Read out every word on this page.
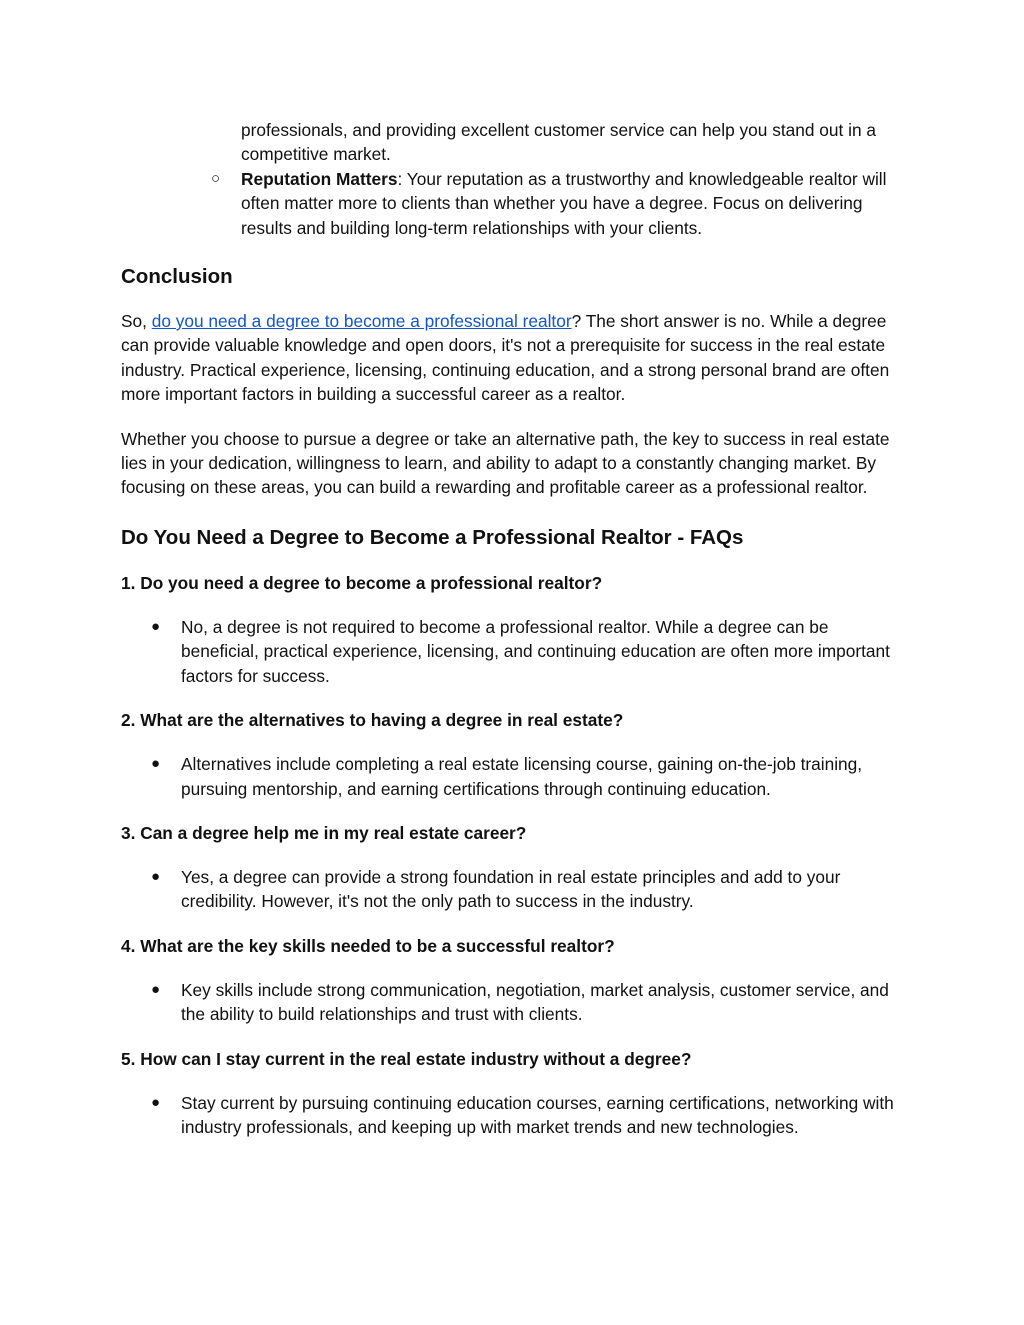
professionals, and providing excellent customer service can help you stand out in a competitive market.

○ Reputation Matters: Your reputation as a trustworthy and knowledgeable realtor will often matter more to clients than whether you have a degree. Focus on delivering results and building long-term relationships with your clients.

Conclusion

So, do you need a degree to become a professional realtor? The short answer is no. While a degree can provide valuable knowledge and open doors, it's not a prerequisite for success in the real estate industry. Practical experience, licensing, continuing education, and a strong personal brand are often more important factors in building a successful career as a realtor.

Whether you choose to pursue a degree or take an alternative path, the key to success in real estate lies in your dedication, willingness to learn, and ability to adapt to a constantly changing market. By focusing on these areas, you can build a rewarding and profitable career as a professional realtor.

Do You Need a Degree to Become a Professional Realtor - FAQs
1. Do you need a degree to become a professional realtor?

● No, a degree is not required to become a professional realtor. While a degree can be beneficial, practical experience, licensing, and continuing education are often more important factors for success.

2. What are the alternatives to having a degree in real estate?

● Alternatives include completing a real estate licensing course, gaining on-the-job training, pursuing mentorship, and earning certifications through continuing education.

3. Can a degree help me in my real estate career?

● Yes, a degree can provide a strong foundation in real estate principles and add to your credibility. However, it's not the only path to success in the industry.

4. What are the key skills needed to be a successful realtor?

● Key skills include strong communication, negotiation, market analysis, customer service, and the ability to build relationships and trust with clients.

5. How can I stay current in the real estate industry without a degree?

● Stay current by pursuing continuing education courses, earning certifications, networking with industry professionals, and keeping up with market trends and new technologies.
